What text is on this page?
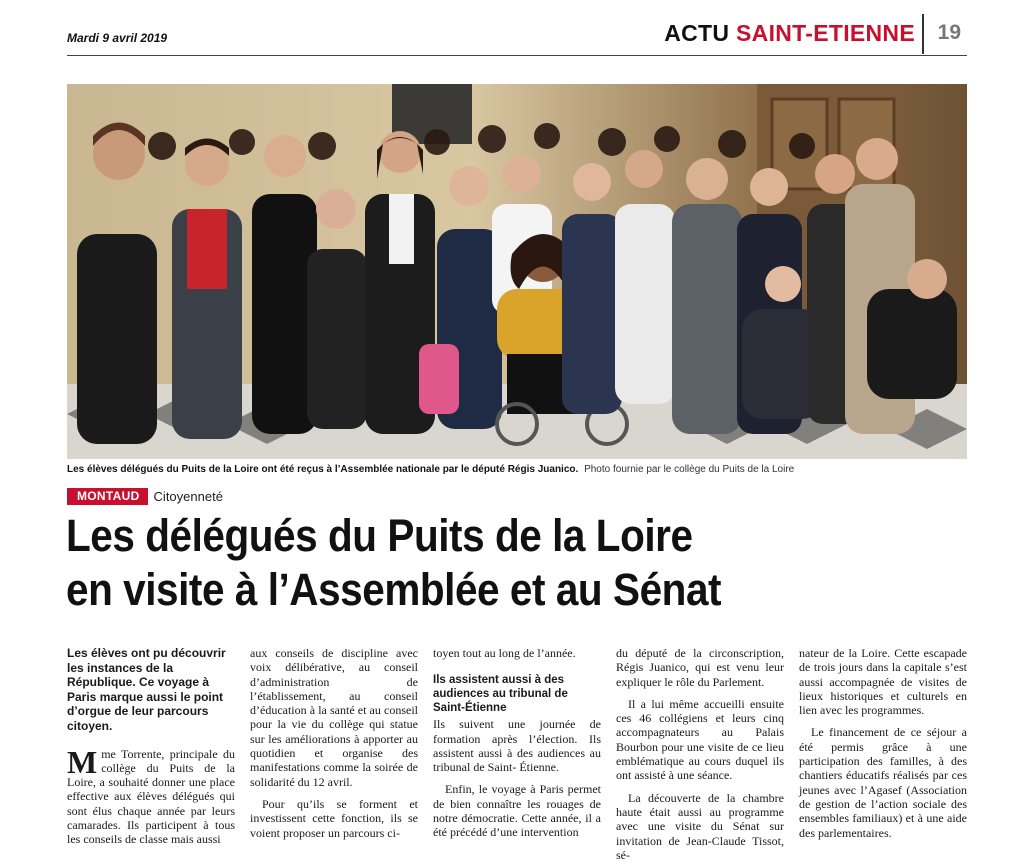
Mardi 9 avril 2019	ACTU SAINT-ETIENNE 19
Les élèves délégués du Puits de la Loire ont été reçus à l’Assemblée nationale par le député Régis Juanico. Photo fournie par le collège du Puits de la Loire
MONTAUD	Citoyenneté
Les délégués du Puits de la Loire
en visite à l’Assemblée et au Sénat
Les élèves ont pu découvrir les instances de la République. Ce voyage à Paris marque aussi le point d’orgue de leur parcours citoyen.

Mme Torrente, principale du collège du Puits de la Loire, a souhaité donner une place effective aux élèves délégués qui sont élus chaque année par leurs camarades. Ils participent à tous les conseils de classe mais aussi

aux conseils de discipline avec voix délibérative, au conseil d’administration de l’établissement, au conseil d’éducation à la santé et au conseil pour la vie du collège qui statue sur les améliorations à apporter au quotidien et organise des manifestations comme la soirée de solidarité du 12 avril.

Pour qu’ils se forment et investissent cette fonction, ils se voient proposer un parcours ci-

toyen tout au long de l’année.

Ils assistent aussi à des audiences au tribunal de Saint-Étienne

Ils suivent une journée de formation après l’élection. Ils assistent aussi à des audiences au tribunal de Saint- Étienne.

Enfin, le voyage à Paris permet de bien connaître les rouages de notre démocratie. Cette année, il a été précédé d’une intervention

du député de la circonscription, Régis Juanico, qui est venu leur expliquer le rôle du Parlement.

Il a lui même accueilli ensuite ces 46 collégiens et leurs cinq accompagnateurs au Palais Bourbon pour une visite de ce lieu emblématique au cours duquel ils ont assisté à une séance.

La découverte de la chambre haute était aussi au programme avec une visite du Sénat sur invitation de Jean-Claude Tissot, sé-

nateur de la Loire. Cette escapade de trois jours dans la capitale s’est aussi accompagnée de visites de lieux historiques et culturels en lien avec les programmes.

Le financement de ce séjour a été permis grâce à une participation des familles, à des chantiers éducatifs réalisés par ces jeunes avec l’Agasef (Association de gestion de l’action sociale des ensembles familiaux) et à une aide des parlementaires.
